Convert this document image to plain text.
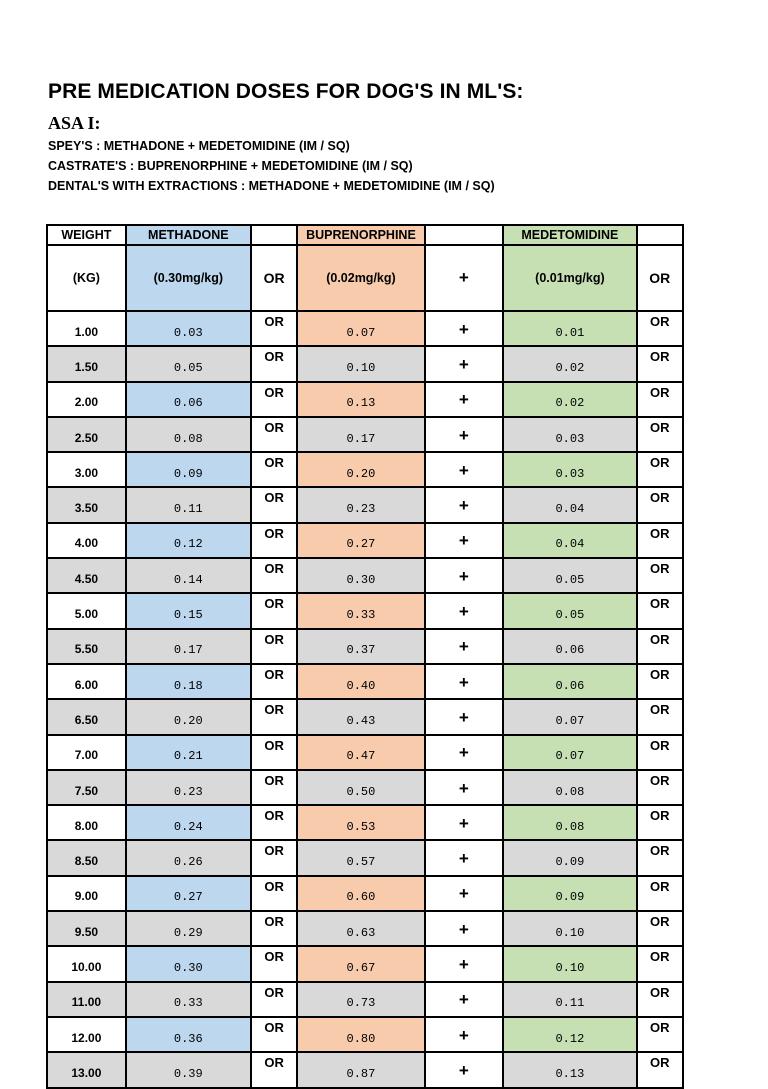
PRE MEDICATION DOSES FOR DOG'S IN ML'S:
ASA I:
SPEY'S : METHADONE + MEDETOMIDINE (IM / SQ)
CASTRATE'S : BUPRENORPHINE + MEDETOMIDINE (IM / SQ)
DENTAL'S WITH EXTRACTIONS : METHADONE + MEDETOMIDINE (IM / SQ)
WEIGHT	METHADONE		BUPRENORPHINE		MEDETOMIDINE	
(KG)	(0.30mg/kg)	OR	(0.02mg/kg)	+	(0.01mg/kg)	OR
1.00	0.03	OR	0.07	+	0.01	OR
1.50	0.05	OR	0.10	+	0.02	OR
2.00	0.06	OR	0.13	+	0.02	OR
2.50	0.08	OR	0.17	+	0.03	OR
3.00	0.09	OR	0.20	+	0.03	OR
3.50	0.11	OR	0.23	+	0.04	OR
4.00	0.12	OR	0.27	+	0.04	OR
4.50	0.14	OR	0.30	+	0.05	OR
5.00	0.15	OR	0.33	+	0.05	OR
5.50	0.17	OR	0.37	+	0.06	OR
6.00	0.18	OR	0.40	+	0.06	OR
6.50	0.20	OR	0.43	+	0.07	OR
7.00	0.21	OR	0.47	+	0.07	OR
7.50	0.23	OR	0.50	+	0.08	OR
8.00	0.24	OR	0.53	+	0.08	OR
8.50	0.26	OR	0.57	+	0.09	OR
9.00	0.27	OR	0.60	+	0.09	OR
9.50	0.29	OR	0.63	+	0.10	OR
10.00	0.30	OR	0.67	+	0.10	OR
11.00	0.33	OR	0.73	+	0.11	OR
12.00	0.36	OR	0.80	+	0.12	OR
13.00	0.39	OR	0.87	+	0.13	OR
